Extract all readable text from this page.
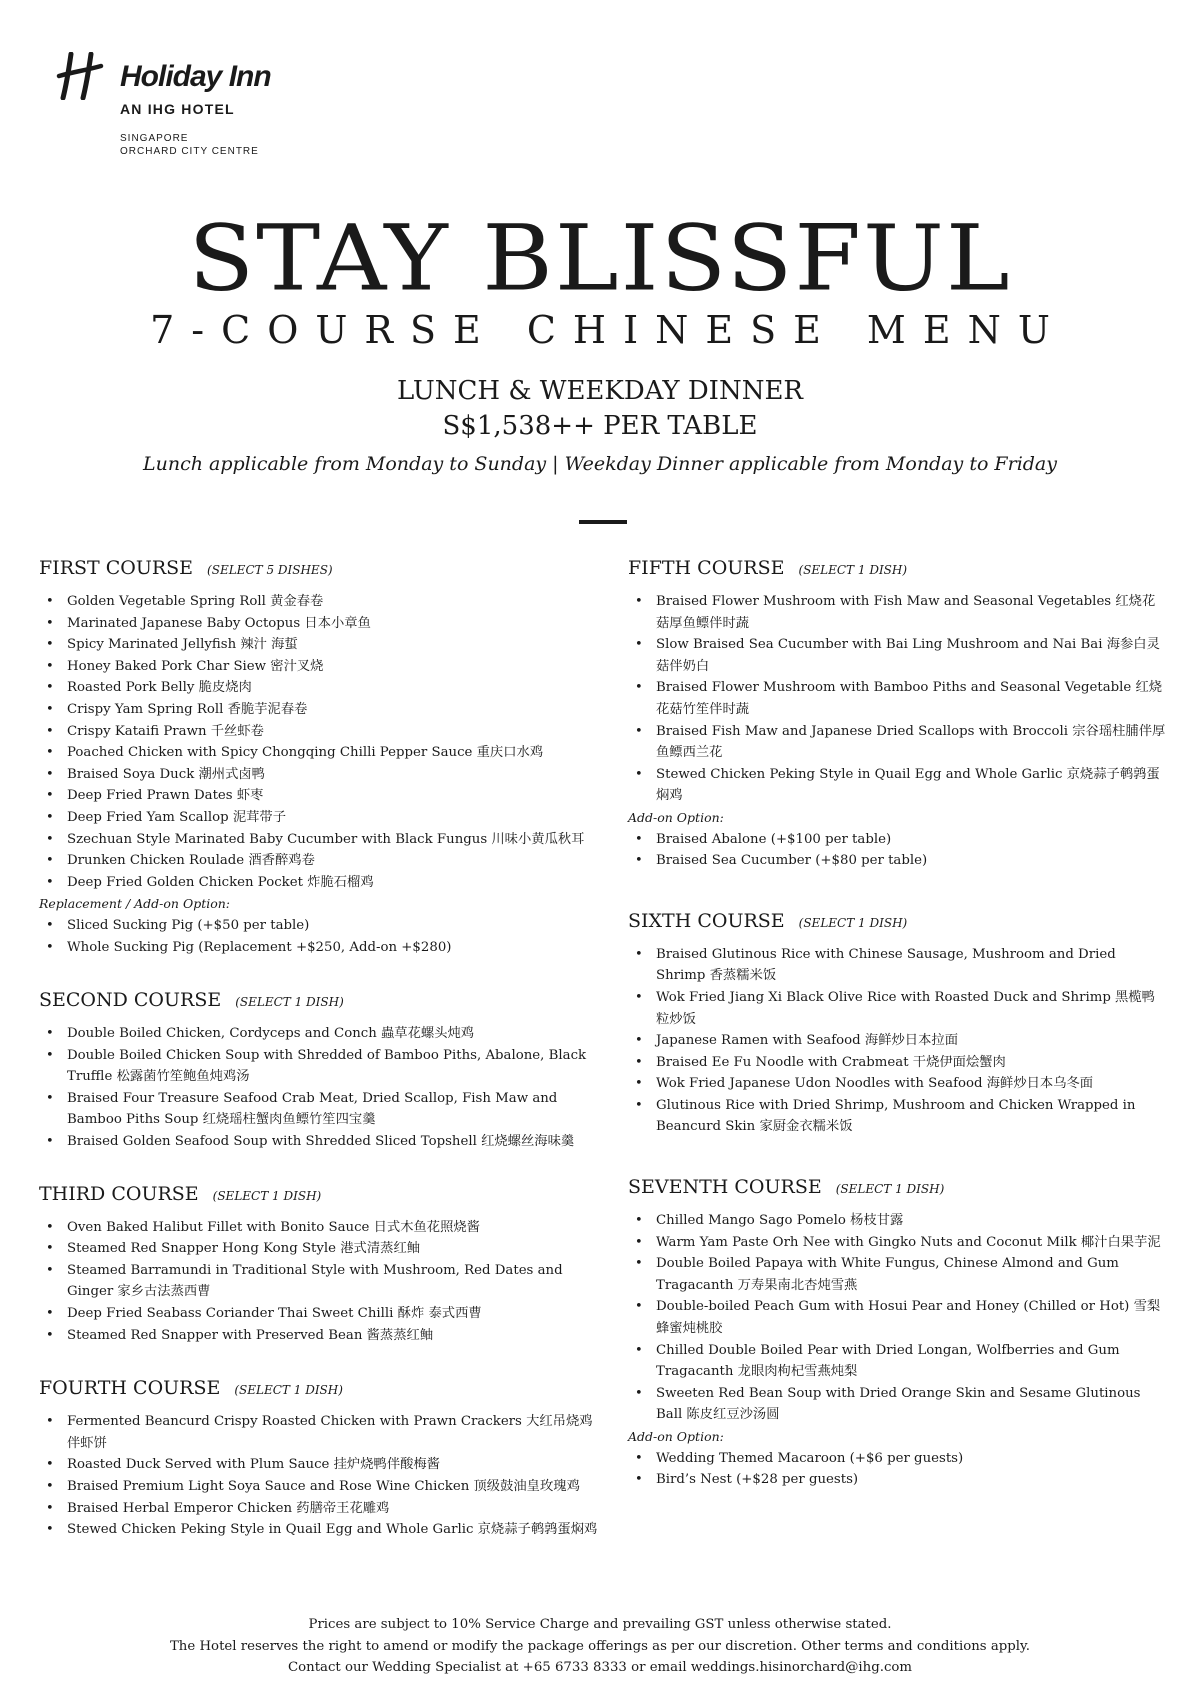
Holiday Inn
AN IHG HOTEL
SINGAPORE
ORCHARD CITY CENTRE
STAY BLISSFUL
7-COURSE CHINESE MENU
LUNCH & WEEKDAY DINNER
S$1,538++ PER TABLE
Lunch applicable from Monday to Sunday | Weekday Dinner applicable from Monday to Friday
FIRST COURSE (SELECT 5 DISHES)
• Golden Vegetable Spring Roll 黄金春卷
• Marinated Japanese Baby Octopus 日本小章鱼
• Spicy Marinated Jellyfish 辣汁 海蜇
• Honey Baked Pork Char Siew 密汁叉烧
• Roasted Pork Belly 脆皮烧肉
• Crispy Yam Spring Roll 香脆芋泥春卷
• Crispy Kataifi Prawn 千丝虾卷
• Poached Chicken with Spicy Chongqing Chilli Pepper Sauce 重庆口水鸡
• Braised Soya Duck 潮州式卤鸭
• Deep Fried Prawn Dates 虾枣
• Deep Fried Yam Scallop 泥茸带子
• Szechuan Style Marinated Baby Cucumber with Black Fungus 川味小黄瓜秋耳
• Drunken Chicken Roulade 酒香醉鸡卷
• Deep Fried Golden Chicken Pocket 炸脆石榴鸡
Replacement / Add-on Option:
• Sliced Sucking Pig (+$50 per table)
• Whole Sucking Pig (Replacement +$250, Add-on +$280)
SECOND COURSE (SELECT 1 DISH)
• Double Boiled Chicken, Cordyceps and Conch 蟲草花螺头炖鸡
• Double Boiled Chicken Soup with Shredded of Bamboo Piths, Abalone, Black Truffle 松露菌竹笙鲍鱼炖鸡汤
• Braised Four Treasure Seafood Crab Meat, Dried Scallop, Fish Maw and Bamboo Piths Soup 红烧瑶柱蟹肉鱼鳔竹笙四宝羹
• Braised Golden Seafood Soup with Shredded Sliced Topshell 红烧螺丝海味羹
THIRD COURSE (SELECT 1 DISH)
• Oven Baked Halibut Fillet with Bonito Sauce 日式木鱼花照烧酱
• Steamed Red Snapper Hong Kong Style 港式清蒸红鲉
• Steamed Barramundi in Traditional Style with Mushroom, Red Dates and Ginger 家乡古法蒸西曹
• Deep Fried Seabass Coriander Thai Sweet Chilli 酥炸 泰式西曹
• Steamed Red Snapper with Preserved Bean 酱蒸蒸红鲉
FOURTH COURSE (SELECT 1 DISH)
• Fermented Beancurd Crispy Roasted Chicken with Prawn Crackers 大红吊烧鸡伴虾饼
• Roasted Duck Served with Plum Sauce 挂炉烧鸭伴酸梅酱
• Braised Premium Light Soya Sauce and Rose Wine Chicken 顶级鼓油皇玫瑰鸡
• Braised Herbal Emperor Chicken 药膳帝王花雕鸡
• Stewed Chicken Peking Style in Quail Egg and Whole Garlic 京烧蒜子鹌鹑蛋焖鸡
FIFTH COURSE (SELECT 1 DISH)
• Braised Flower Mushroom with Fish Maw and Seasonal Vegetables 红烧花菇厚鱼鳔伴时蔬
• Slow Braised Sea Cucumber with Bai Ling Mushroom and Nai Bai 海参白灵菇伴奶白
• Braised Flower Mushroom with Bamboo Piths and Seasonal Vegetable 红烧花菇竹笙伴时蔬
• Braised Fish Maw and Japanese Dried Scallops with Broccoli 宗谷瑶柱脯伴厚鱼鳔西兰花
• Stewed Chicken Peking Style in Quail Egg and Whole Garlic 京烧蒜子鹌鹑蛋焖鸡
Add-on Option:
• Braised Abalone (+$100 per table)
• Braised Sea Cucumber (+$80 per table)
SIXTH COURSE (SELECT 1 DISH)
• Braised Glutinous Rice with Chinese Sausage, Mushroom and Dried Shrimp 香蒸糯米饭
• Wok Fried Jiang Xi Black Olive Rice with Roasted Duck and Shrimp 黑榄鸭粒炒饭
• Japanese Ramen with Seafood 海鲜炒日本拉面
• Braised Ee Fu Noodle with Crabmeat 干烧伊面烩蟹肉
• Wok Fried Japanese Udon Noodles with Seafood 海鲜炒日本乌冬面
• Glutinous Rice with Dried Shrimp, Mushroom and Chicken Wrapped in Beancurd Skin 家厨金衣糯米饭
SEVENTH COURSE (SELECT 1 DISH)
• Chilled Mango Sago Pomelo 杨枝甘露
• Warm Yam Paste Orh Nee with Gingko Nuts and Coconut Milk 椰汁白果芋泥
• Double Boiled Papaya with White Fungus, Chinese Almond and Gum Tragacanth 万寿果南北杏炖雪燕
• Double-boiled Peach Gum with Hosui Pear and Honey (Chilled or Hot) 雪梨蜂蜜炖桃胶
• Chilled Double Boiled Pear with Dried Longan, Wolfberries and Gum Tragacanth 龙眼肉枸杞雪燕炖梨
• Sweeten Red Bean Soup with Dried Orange Skin and Sesame Glutinous Ball 陈皮红豆沙汤圆
Add-on Option:
• Wedding Themed Macaroon (+$6 per guests)
• Bird’s Nest (+$28 per guests)
Prices are subject to 10% Service Charge and prevailing GST unless otherwise stated.
The Hotel reserves the right to amend or modify the package offerings as per our discretion. Other terms and conditions apply.
Contact our Wedding Specialist at +65 6733 8333 or email weddings.hisinorchard@ihg.com
